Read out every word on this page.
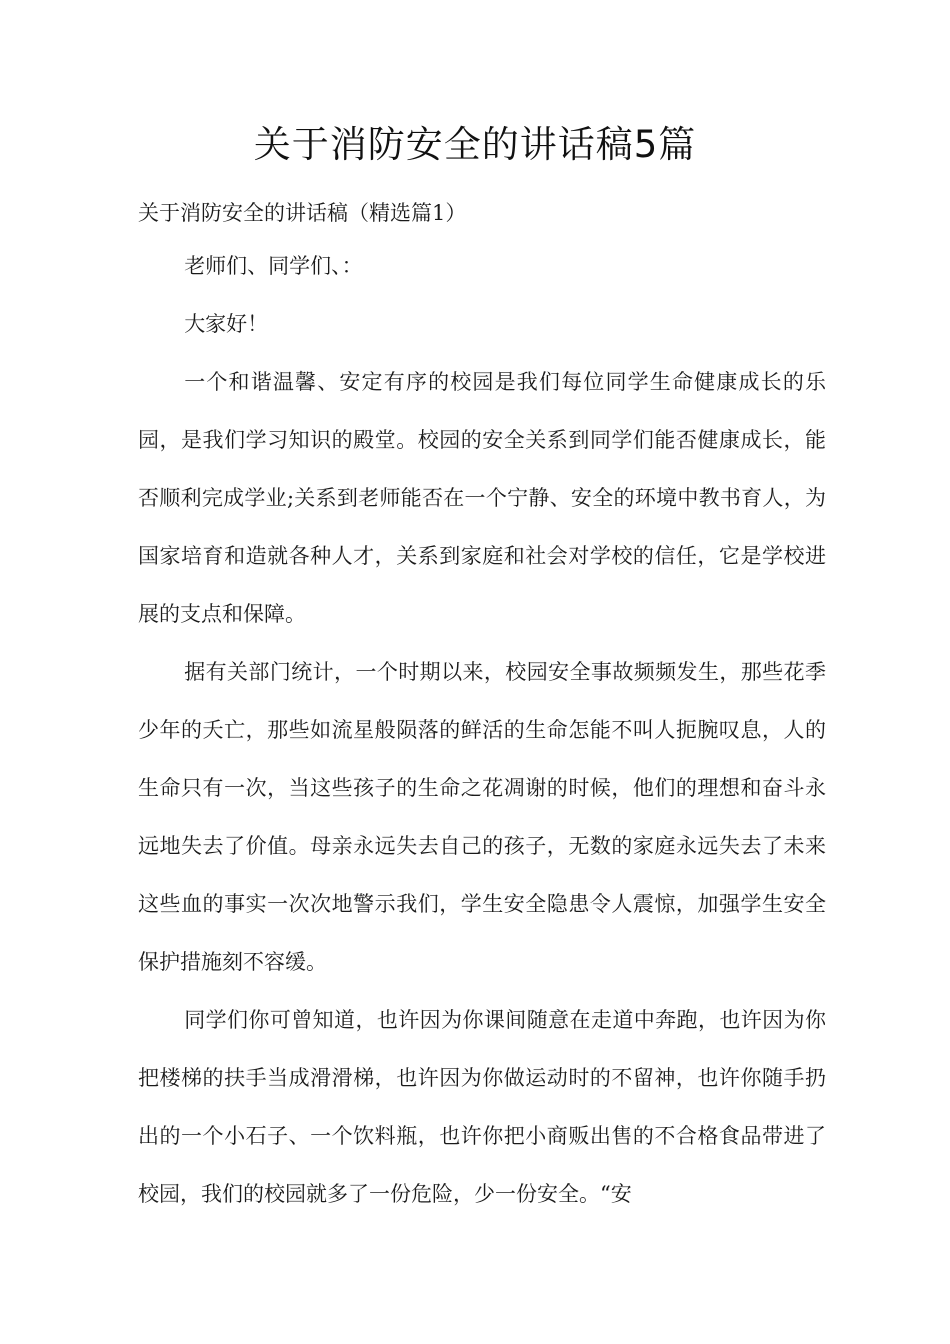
关于消防安全的讲话稿5篇

关于消防安全的讲话稿（精选篇1）

老师们、同学们、：

大家好！

一个和谐温馨、安定有序的校园是我们每位同学生命健康成长的乐园，是我们学习知识的殿堂。校园的安全关系到同学们能否健康成长，能否顺利完成学业;关系到老师能否在一个宁静、安全的环境中教书育人，为国家培育和造就各种人才，关系到家庭和社会对学校的信任，它是学校进展的支点和保障。

据有关部门统计，一个时期以来，校园安全事故频频发生，那些花季少年的夭亡，那些如流星般陨落的鲜活的生命怎能不叫人扼腕叹息，人的生命只有一次，当这些孩子的生命之花凋谢的时候，他们的理想和奋斗永远地失去了价值。母亲永远失去自己的孩子，无数的家庭永远失去了未来这些血的事实一次次地警示我们，学生安全隐患令人震惊，加强学生安全保护措施刻不容缓。

同学们你可曾知道，也许因为你课间随意在走道中奔跑，也许因为你把楼梯的扶手当成滑滑梯，也许因为你做运动时的不留神，也许你随手扔出的一个小石子、一个饮料瓶，也许你把小商贩出售的不合格食品带进了校园，我们的校园就多了一份危险，少一份安全。“安
